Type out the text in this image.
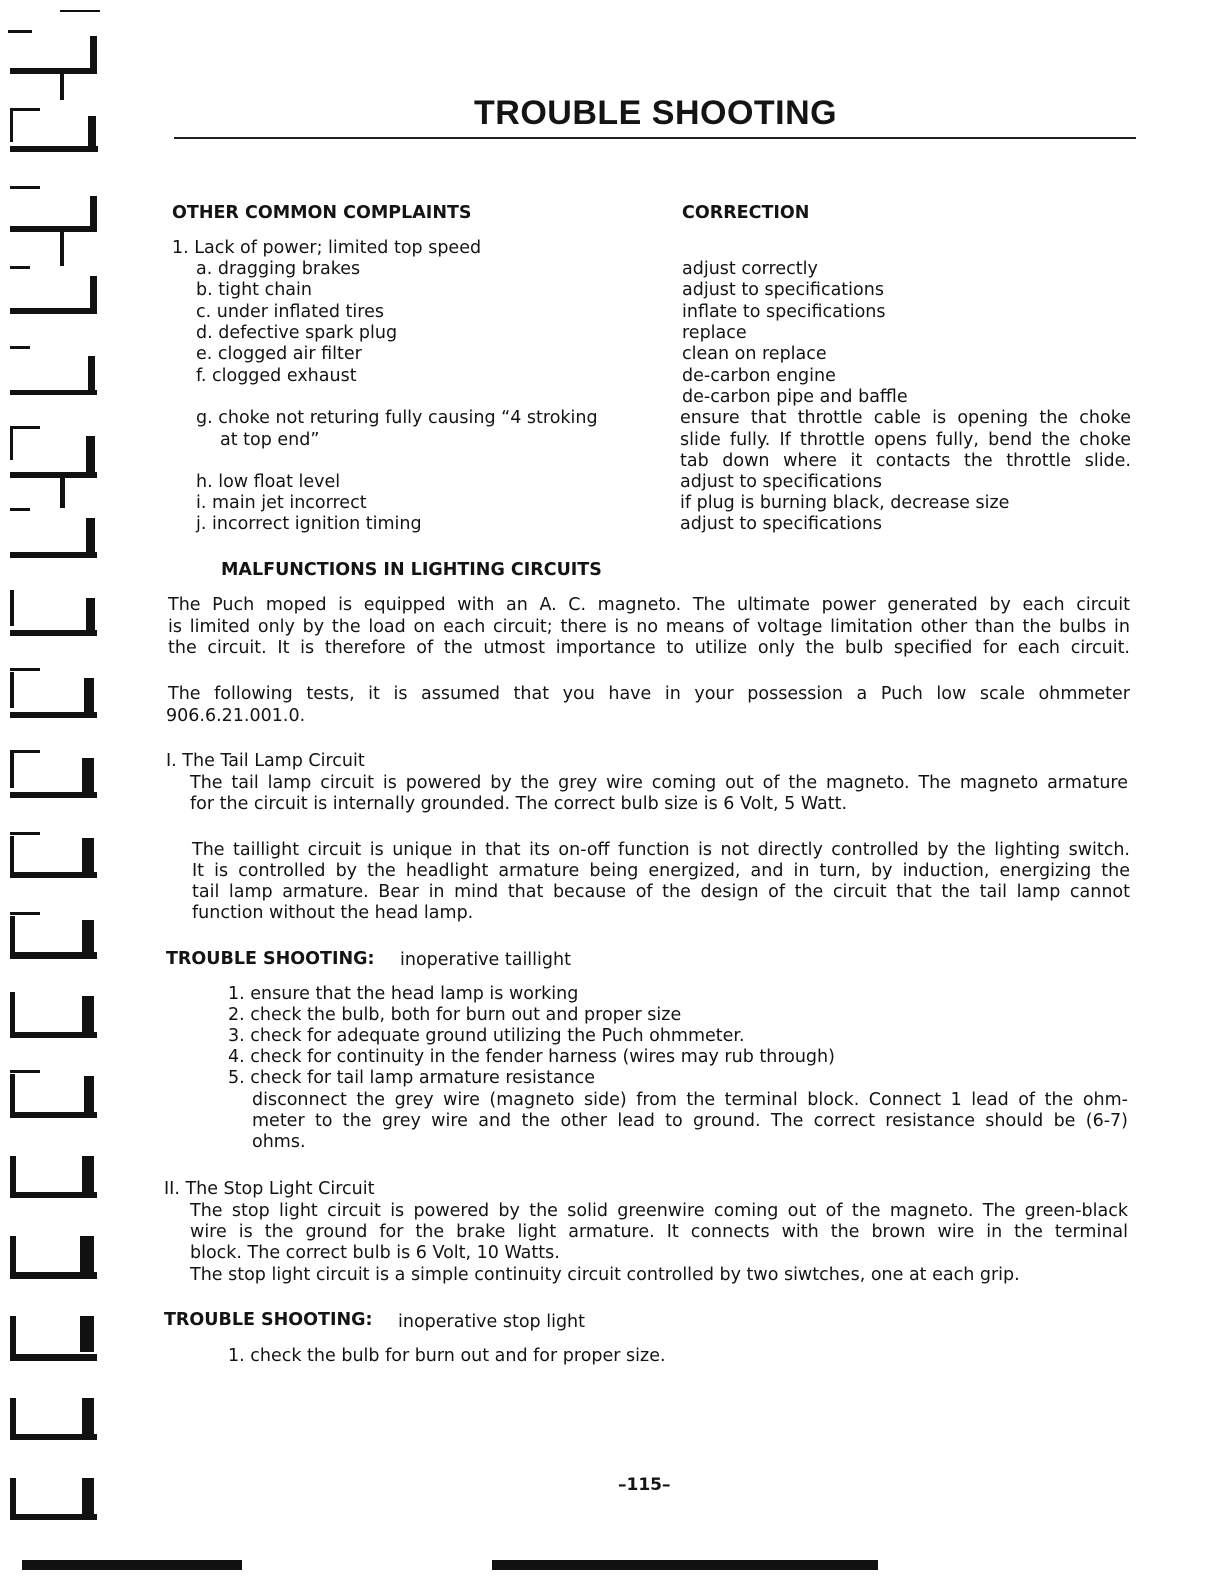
TROUBLE SHOOTING
OTHER COMMON COMPLAINTS	CORRECTION
1. Lack of power; limited top speed
a. dragging brakes	adjust correctly
b. tight chain	adjust to specifications
c. under inflated tires	inflate to specifications
d. defective spark plug	replace
e. clogged air filter	clean on replace
f. clogged exhaust	de-carbon engine
de-carbon pipe and baffle
g. choke not returing fully causing “4 stroking	ensure that throttle cable is opening the choke
at top end”	slide fully. If throttle opens fully, bend the choke
tab down where it contacts the throttle slide.
h. low float level	adjust to specifications
i. main jet incorrect	if plug is burning black, decrease size
j. incorrect ignition timing	adjust to specifications
MALFUNCTIONS IN LIGHTING CIRCUITS
The Puch moped is equipped with an A. C. magneto. The ultimate power generated by each circuit
is limited only by the load on each circuit; there is no means of voltage limitation other than the bulbs in
the circuit. It is therefore of the utmost importance to utilize only the bulb specified for each circuit.
The following tests, it is assumed that you have in your possession a Puch low scale ohmmeter
906.6.21.001.0.
I. The Tail Lamp Circuit
The tail lamp circuit is powered by the grey wire coming out of the magneto. The magneto armature
for the circuit is internally grounded. The correct bulb size is 6 Volt, 5 Watt.
The taillight circuit is unique in that its on-off function is not directly controlled by the lighting switch.
It is controlled by the headlight armature being energized, and in turn, by induction, energizing the
tail lamp armature. Bear in mind that because of the design of the circuit that the tail lamp cannot
function without the head lamp.
TROUBLE SHOOTING: inoperative taillight
1. ensure that the head lamp is working
2. check the bulb, both for burn out and proper size
3. check for adequate ground utilizing the Puch ohmmeter.
4. check for continuity in the fender harness (wires may rub through)
5. check for tail lamp armature resistance
disconnect the grey wire (magneto side) from the terminal block. Connect 1 lead of the ohm-
meter to the grey wire and the other lead to ground. The correct resistance should be (6-7)
ohms.
II. The Stop Light Circuit
The stop light circuit is powered by the solid greenwire coming out of the magneto. The green-black
wire is the ground for the brake light armature. It connects with the brown wire in the terminal
block. The correct bulb is 6 Volt, 10 Watts.
The stop light circuit is a simple continuity circuit controlled by two siwtches, one at each grip.
TROUBLE SHOOTING: inoperative stop light
1. check the bulb for burn out and for proper size.
–115–
